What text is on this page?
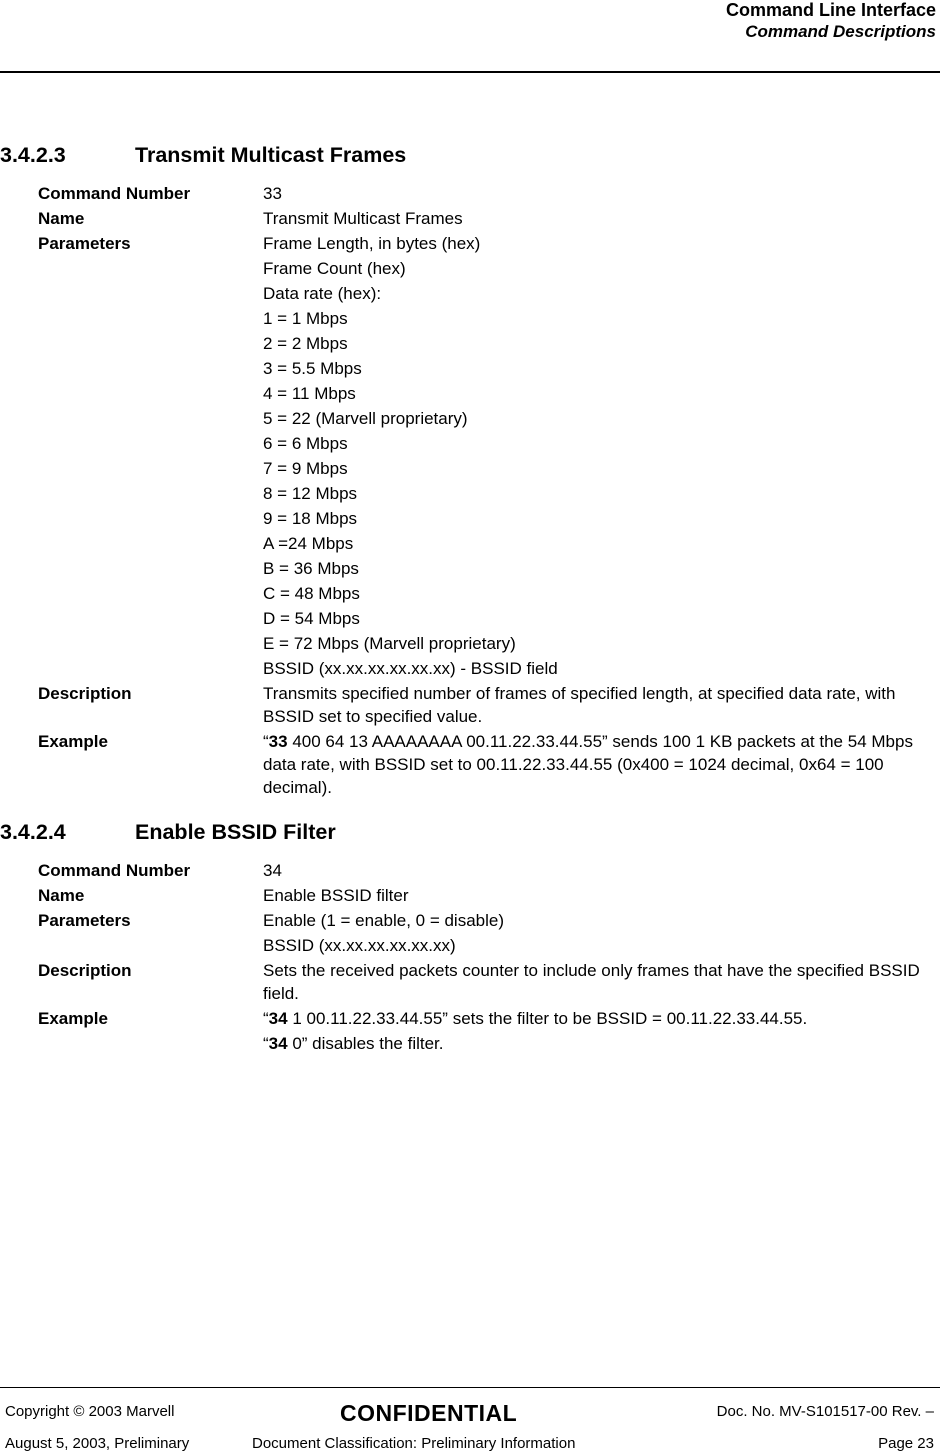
Command Line Interface
Command Descriptions
3.4.2.3	Transmit Multicast Frames
Command Number	33
Name	Transmit Multicast Frames
Parameters	Frame Length, in bytes (hex)
Frame Count (hex)
Data rate (hex):
1 = 1 Mbps
2 = 2 Mbps
3 = 5.5 Mbps
4 = 11 Mbps
5 = 22 (Marvell proprietary)
6 = 6 Mbps
7 = 9 Mbps
8 = 12 Mbps
9 = 18 Mbps
A =24 Mbps
B = 36 Mbps
C = 48 Mbps
D = 54 Mbps
E = 72 Mbps (Marvell proprietary)
BSSID (xx.xx.xx.xx.xx.xx) - BSSID field
Description	Transmits specified number of frames of specified length, at specified data rate, with BSSID set to specified value.
Example	“33 400 64 13 AAAAAAAA 00.11.22.33.44.55” sends 100 1 KB packets at the 54 Mbps data rate, with BSSID set to 00.11.22.33.44.55 (0x400 = 1024 decimal, 0x64 = 100 decimal).
3.4.2.4	Enable BSSID Filter
Command Number	34
Name	Enable BSSID filter
Parameters	Enable (1 = enable, 0 = disable)
BSSID (xx.xx.xx.xx.xx.xx)
Description	Sets the received packets counter to include only frames that have the specified BSSID field.
Example	“34 1 00.11.22.33.44.55” sets the filter to be BSSID = 00.11.22.33.44.55.
“34 0” disables the filter.
Copyright © 2003 Marvell	CONFIDENTIAL	Doc. No. MV-S101517-00 Rev. –
August 5, 2003, Preliminary	Document Classification: Preliminary Information	Page 23
